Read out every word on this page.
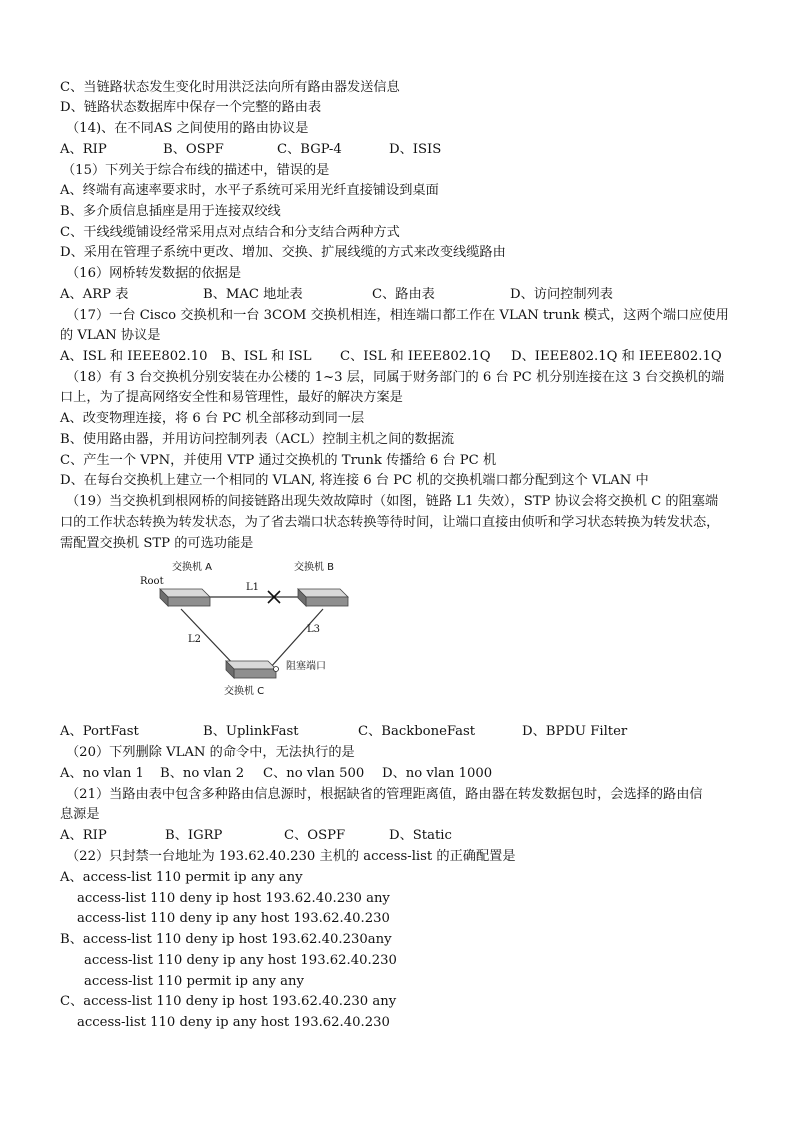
C、当链路状态发生变化时用洪泛法向所有路由器发送信息
D、链路状态数据库中保存一个完整的路由表
（14)、在不同AS 之间使用的路由协议是
A、RIP	B、OSPF	C、BGP-4	D、ISIS
（15）下列关于综合布线的描述中，错误的是
A、终端有高速率要求时，水平子系统可采用光纤直接铺设到桌面
B、多介质信息插座是用于连接双绞线
C、干线线缆铺设经常采用点对点结合和分支结合两种方式
D、采用在管理子系统中更改、增加、交换、扩展线缆的方式来改变线缆路由
（16）网桥转发数据的依据是
A、ARP 表	B、MAC 地址表	C、路由表	D、访问控制列表
（17）一台 Cisco 交换机和一台 3COM 交换机相连，相连端口都工作在 VLAN trunk 模式，这两个端口应使用
的 VLAN 协议是
A、ISL 和 IEEE802.10 B、ISL 和 ISL C、ISL 和 IEEE802.1Q D、IEEE802.1Q 和 IEEE802.1Q
（18）有 3 台交换机分别安装在办公楼的 1~3 层，同属于财务部门的 6 台 PC 机分别连接在这 3 台交换机的端
口上，为了提高网络安全性和易管理性，最好的解决方案是
A、改变物理连接，将 6 台 PC 机全部移动到同一层
B、使用路由器，并用访问控制列表（ACL）控制主机之间的数据流
C、产生一个 VPN，并使用 VTP 通过交换机的 Trunk 传播给 6 台 PC 机
D、在每台交换机上建立一个相同的 VLAN, 将连接 6 台 PC 机的交换机端口都分配到这个 VLAN 中
（19）当交换机到根网桥的间接链路出现失效故障时（如图，链路 L1 失效），STP 协议会将交换机 C 的阻塞端
口的工作状态转换为转发状态，为了省去端口状态转换等待时间，让端口直接由侦听和学习状态转换为转发状态，
需配置交换机 STP 的可选功能是
交换机 A	交换机 B
Root
L1
L2
L3
阻塞端口
交换机 C
A、PortFast	B、UplinkFast	C、BackboneFast	D、BPDU Filter
（20）下列删除 VLAN 的命令中，无法执行的是
A、no vlan 1 B、no vlan 2 C、no vlan 500 D、no vlan 1000
（21）当路由表中包含多种路由信息源时，根据缺省的管理距离值，路由器在转发数据包时，会选择的路由信
息源是
A、RIP	B、IGRP	C、OSPF	D、Static
（22）只封禁一台地址为 193.62.40.230 主机的 access-list 的正确配置是
A、access-list 110 permit ip any any
access-list 110 deny ip host 193.62.40.230 any
access-list 110 deny ip any host 193.62.40.230
B、access-list 110 deny ip host 193.62.40.230any
access-list 110 deny ip any host 193.62.40.230
access-list 110 permit ip any any
C、access-list 110 deny ip host 193.62.40.230 any
access-list 110 deny ip any host 193.62.40.230
